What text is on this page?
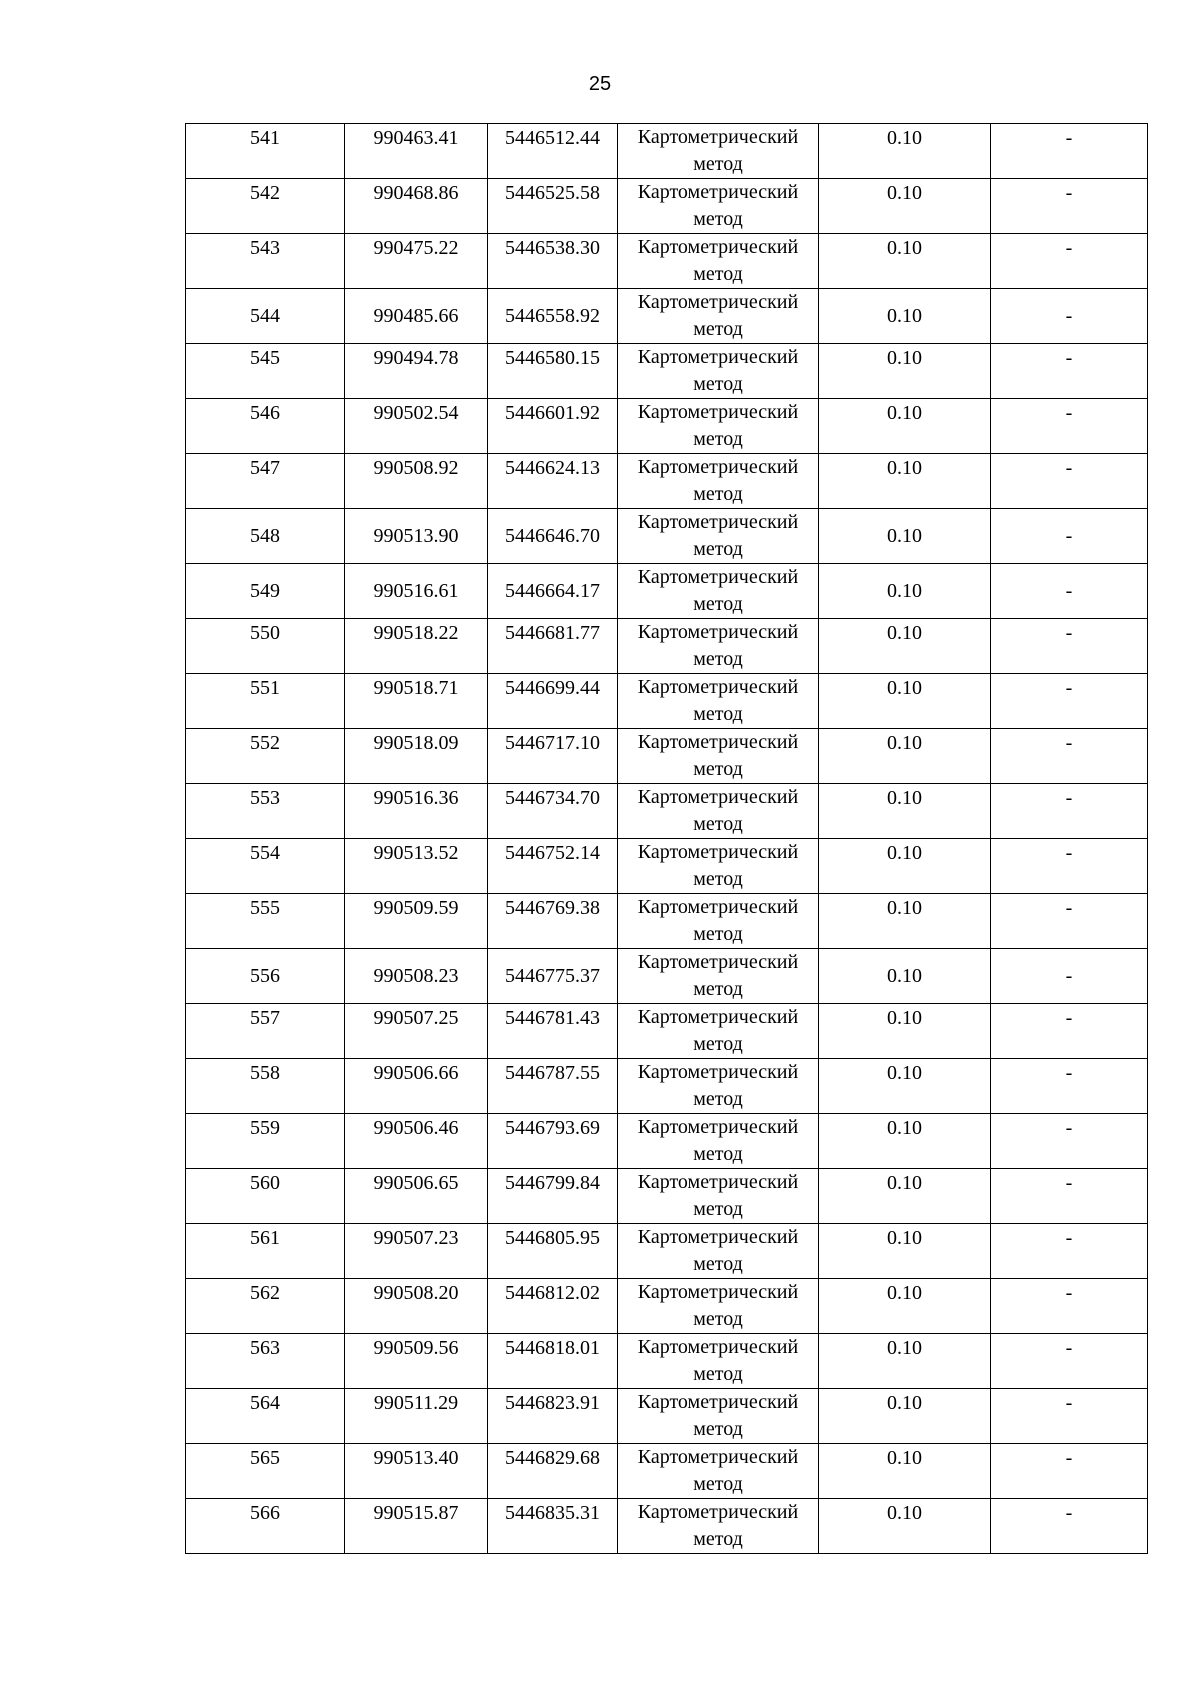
25
541	990463.41	5446512.44	Картометрический
метод	0.10	-

542	990468.86	5446525.58	Картометрический
метод	0.10	-

543	990475.22	5446538.30	Картометрический
метод	0.10	-

544	990485.66	5446558.92	Картометрический
метод	0.10	-

545	990494.78	5446580.15	Картометрический
метод	0.10	-

546	990502.54	5446601.92	Картометрический
метод	0.10	-

547	990508.92	5446624.13	Картометрический
метод	0.10	-

548	990513.90	5446646.70	Картометрический
метод	0.10	-
549	990516.61	5446664.17	Картометрический
метод	0.10	-

550	990518.22	5446681.77	Картометрический
метод	0.10	-

551	990518.71	5446699.44	Картометрический
метод	0.10	-

552	990518.09	5446717.10	Картометрический
метод	0.10	-

553	990516.36	5446734.70	Картометрический
метод	0.10	-

554	990513.52	5446752.14	Картометрический
метод	0.10	-

555	990509.59	5446769.38	Картометрический
метод	0.10	-

556	990508.23	5446775.37	Картометрический
метод	0.10	-

557	990507.25	5446781.43	Картометрический
метод	0.10	-

558	990506.66	5446787.55	Картометрический
метод	0.10	-

559	990506.46	5446793.69	Картометрический
метод	0.10	-

560	990506.65	5446799.84	Картометрический
метод	0.10	-

561	990507.23	5446805.95	Картометрический
метод	0.10	-

562	990508.20	5446812.02	Картометрический
метод	0.10	-

563	990509.56	5446818.01	Картометрический
метод	0.10	-

564	990511.29	5446823.91	Картометрический
метод	0.10	-

565	990513.40	5446829.68	Картометрический
метод	0.10	-

566	990515.87	5446835.31	Картометрический
метод	0.10	-
